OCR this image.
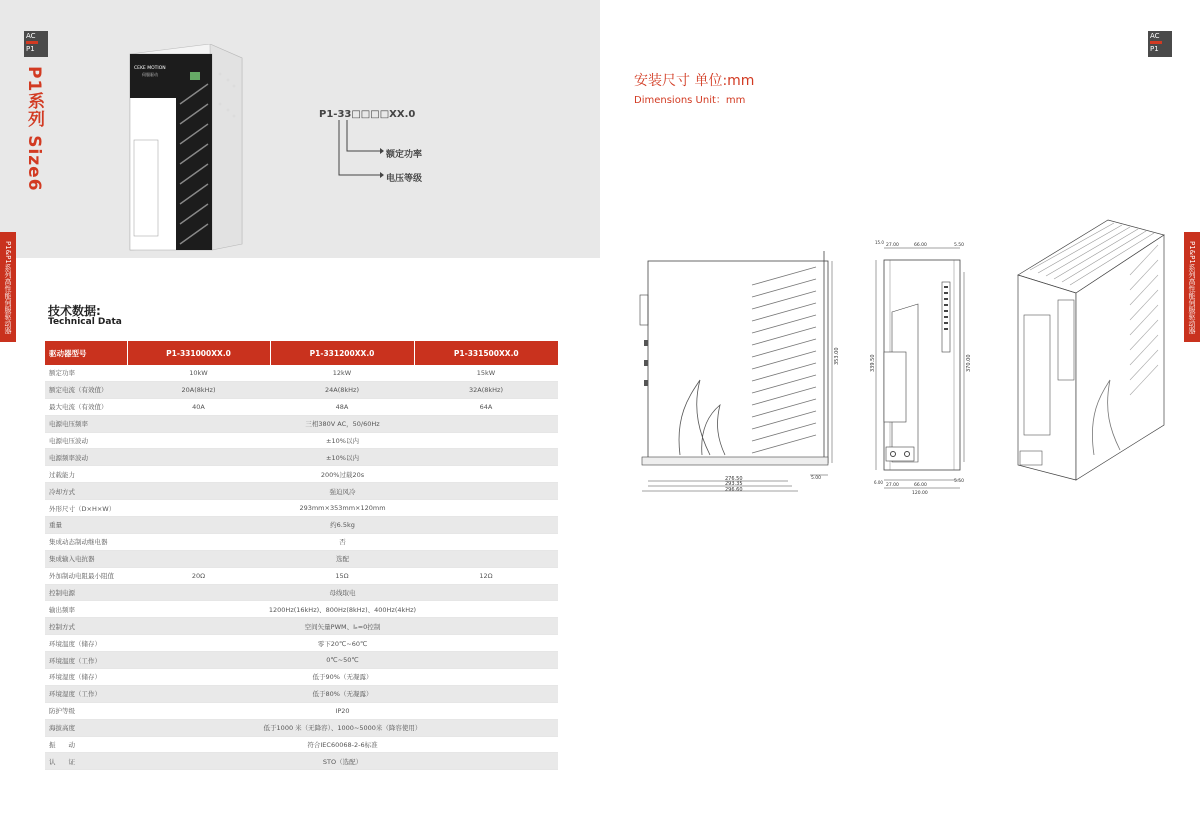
AC
P1
P1系列 Size6
P1&P1系列高性能伺服驱动器
CEKE MOTION
伺服驱动
P1-33□□□□XX.0
额定功率
电压等级
技术数据:
Technical Data
驱动器型号	P1-331000XX.0	P1-331200XX.0	P1-331500XX.0
额定功率	10kW	12kW	15kW
额定电流（有效值）	20A(8kHz)	24A(8kHz)	32A(8kHz)
最大电流（有效值）	40A	48A	64A
电源电压频率	三相380V AC，50/60Hz		
电源电压波动	±10%以内		
电源频率波动	±10%以内		
过载能力	200%过载20s		
冷却方式	强迫风冷		
外形尺寸（D×H×W）	293mm×353mm×120mm		
重量	约6.5kg		
集成动态制动继电器	否		
集成输入电抗器	选配		
外加制动电阻最小阻值	20Ω	15Ω	12Ω
控制电源	母线取电		
输出频率	1200Hz(16kHz)、800Hz(8kHz)、400Hz(4kHz)		
控制方式	空间矢量PWM、Iₑ=0控制		
环境温度（储存）	零下20℃~60℃		
环境温度（工作）	0℃~50℃		
环境湿度（储存）	低于90%（无凝露）		
环境湿度（工作）	低于80%（无凝露）		
防护等级	IP20		
海拔高度	低于1000 米（无降容）、1000~5000米（降容使用）		
振　　动	符合IEC60068-2-6标准		
认　　证	STO（选配）		
AC
P1
P1&P1系列高性能伺服驱动器
安装尺寸 单位:mm
Dimensions Unit：mm
276.50
293.35
296.60
5.00
353.00
27.00	66.00	5.50
15.0
27.00	66.00
120.00
5.50
6.00
339.50	370.00
